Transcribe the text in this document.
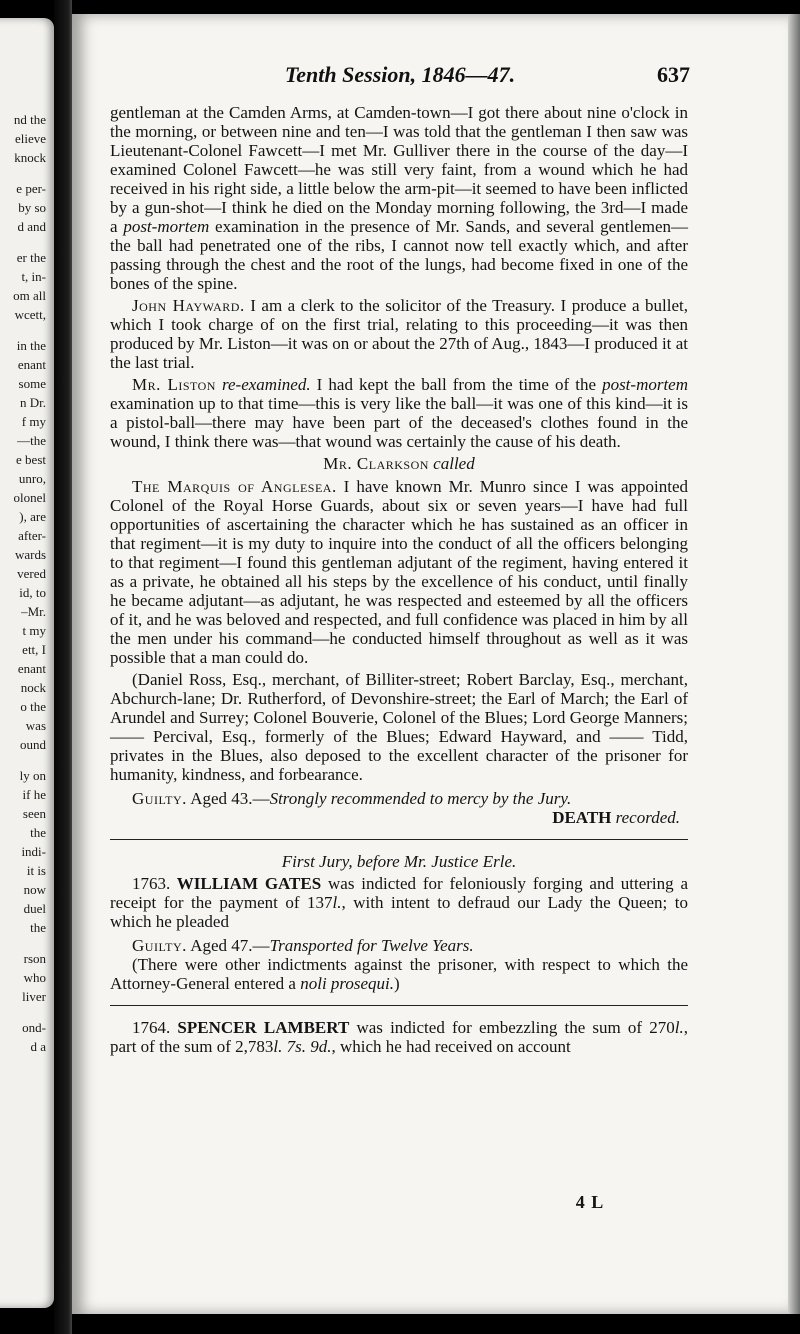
nd the
elieve
knock
e per-
by so
d and
er the
t, in-
om all
wcett,
in the
enant
some
n Dr.
f my
—the
e best
unro,
olonel
), are
after-
wards
vered
id, to
–Mr.
t my
ett, I
enant
nock
o the
was
ound
ly on
if he
seen
the
indi-
it is
now
duel
the
rson
who
liver
ond-
d a
Tenth Session, 1846—47.	637

gentleman at the Camden Arms, at Camden-town—I got there about nine o'clock in the morning, or between nine and ten—I was told that the gentleman I then saw was Lieutenant-Colonel Fawcett—I met Mr. Gulliver there in the course of the day—I examined Colonel Fawcett—he was still very faint, from a wound which he had received in his right side, a little below the arm-pit—it seemed to have been inflicted by a gun-shot—I think he died on the Monday morning following, the 3rd—I made a post-mortem examination in the presence of Mr. Sands, and several gentlemen—the ball had penetrated one of the ribs, I cannot now tell exactly which, and after passing through the chest and the root of the lungs, had become fixed in one of the bones of the spine.

John Hayward. I am a clerk to the solicitor of the Treasury. I produce a bullet, which I took charge of on the first trial, relating to this proceeding—it was then produced by Mr. Liston—it was on or about the 27th of Aug., 1843—I produced it at the last trial.

Mr. Liston re-examined. I had kept the ball from the time of the post-mortem examination up to that time—this is very like the ball—it was one of this kind—it is a pistol-ball—there may have been part of the deceased's clothes found in the wound, I think there was—that wound was certainly the cause of his death.

Mr. Clarkson called

The Marquis of Anglesea. I have known Mr. Munro since I was appointed Colonel of the Royal Horse Guards, about six or seven years—I have had full opportunities of ascertaining the character which he has sustained as an officer in that regiment—it is my duty to inquire into the conduct of all the officers belonging to that regiment—I found this gentleman adjutant of the regiment, having entered it as a private, he obtained all his steps by the excellence of his conduct, until finally he became adjutant—as adjutant, he was respected and esteemed by all the officers of it, and he was beloved and respected, and full confidence was placed in him by all the men under his command—he conducted himself throughout as well as it was possible that a man could do.

(Daniel Ross, Esq., merchant, of Billiter-street; Robert Barclay, Esq., merchant, Abchurch-lane; Dr. Rutherford, of Devonshire-street; the Earl of March; the Earl of Arundel and Surrey; Colonel Bouverie, Colonel of the Blues; Lord George Manners; —— Percival, Esq., formerly of the Blues; Edward Hayward, and —— Tidd, privates in the Blues, also deposed to the excellent character of the prisoner for humanity, kindness, and forbearance.

Guilty. Aged 43.—Strongly recommended to mercy by the Jury.

DEATH recorded.

First Jury, before Mr. Justice Erle.

1763. WILLIAM GATES was indicted for feloniously forging and uttering a receipt for the payment of 137l., with intent to defraud our Lady the Queen; to which he pleaded

Guilty. Aged 47.—Transported for Twelve Years.

(There were other indictments against the prisoner, with respect to which the Attorney-General entered a noli prosequi.)

1764. SPENCER LAMBERT was indicted for embezzling the sum of 270l., part of the sum of 2,783l. 7s. 9d., which he had received on account

4 L
